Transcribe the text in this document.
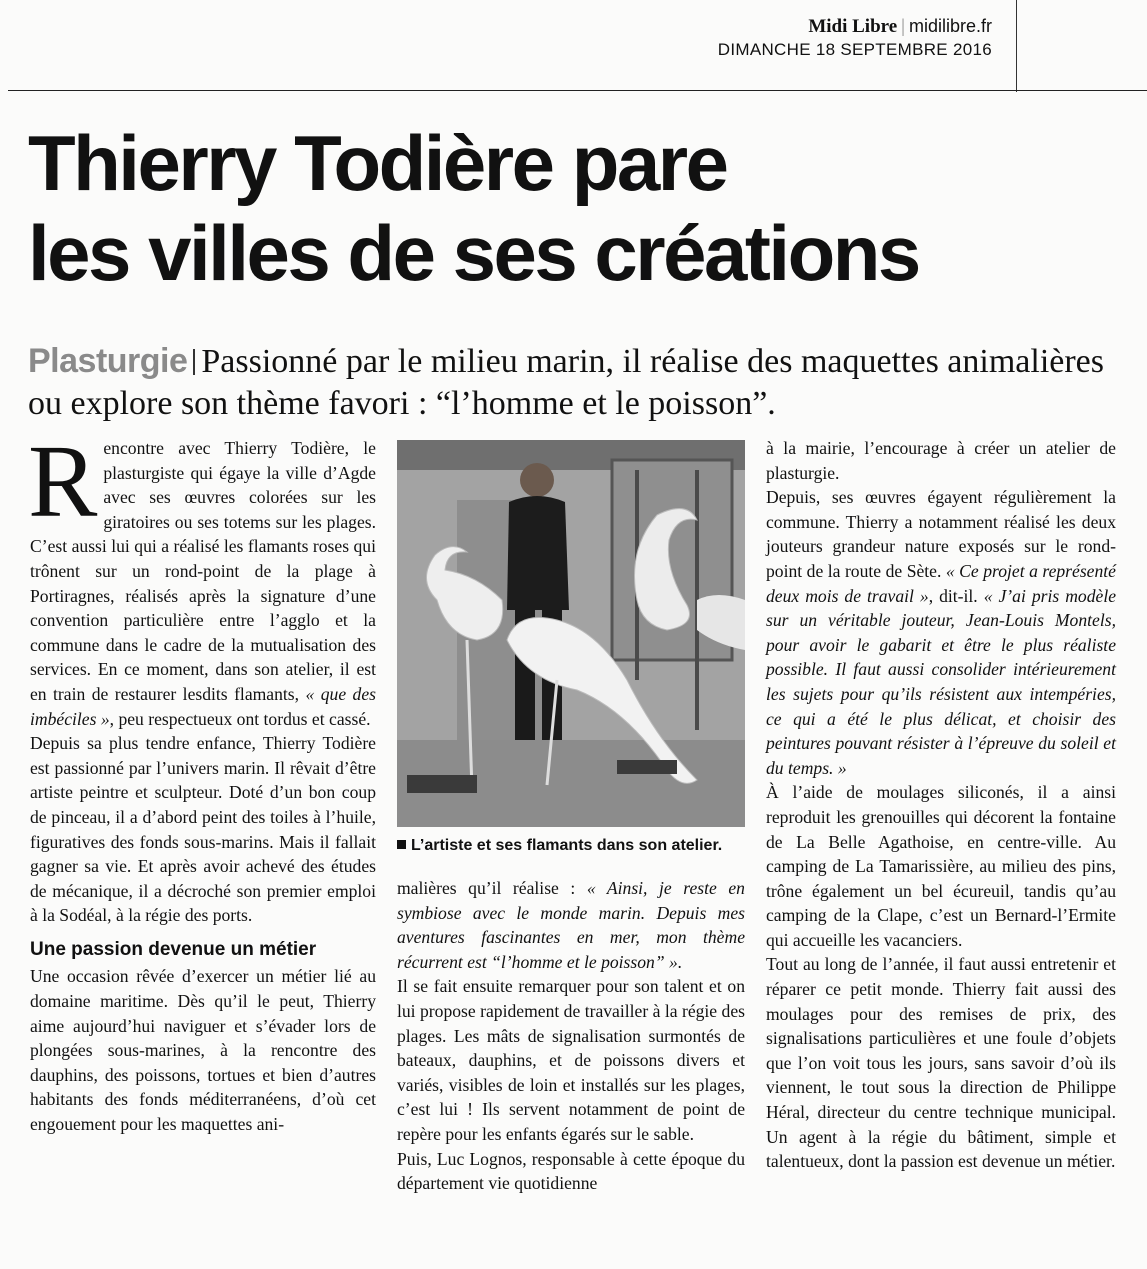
Midi Libre | midilibre.fr
DIMANCHE 18 SEPTEMBRE 2016
Thierry Todière pare
les villes de ses créations
Plasturgie Passionné par le milieu marin, il réalise des maquettes animalières ou explore son thème favori : “l’homme et le poisson”.

Rencontre avec Thierry Todière, le plasturgiste qui égaye la ville d’Agde avec ses œuvres colorées sur les giratoires ou ses totems sur les plages. C’est aussi lui qui a réalisé les flamants roses qui trônent sur un rond-point de la plage à Portiragnes, réalisés après la signature d’une convention particulière entre l’agglo et la commune dans le cadre de la mutualisation des services. En ce moment, dans son atelier, il est en train de restaurer lesdits flamants, « que des imbéciles », peu respectueux ont tordus et cassé.

Depuis sa plus tendre enfance, Thierry Todière est passionné par l’univers marin. Il rêvait d’être artiste peintre et sculpteur. Doté d’un bon coup de pinceau, il a d’abord peint des toiles à l’huile, figuratives des fonds sous-marins. Mais il fallait gagner sa vie. Et après avoir achevé des études de mécanique, il a décroché son premier emploi à la Sodéal, à la régie des ports.

Une passion devenue un métier

Une occasion rêvée d’exercer un métier lié au domaine maritime. Dès qu’il le peut, Thierry aime aujourd’hui naviguer et s’évader lors de plongées sous-marines, à la rencontre des dauphins, des poissons, tortues et bien d’autres habitants des fonds méditerranéens, d’où cet engouement pour les maquettes ani-

L’artiste et ses flamants dans son atelier.

malières qu’il réalise : « Ainsi, je reste en symbiose avec le monde marin. Depuis mes aventures fascinantes en mer, mon thème récurrent est “l’homme et le poisson” ».

Il se fait ensuite remarquer pour son talent et on lui propose rapidement de travailler à la régie des plages. Les mâts de signalisation surmontés de bateaux, dauphins, et de poissons divers et variés, visibles de loin et installés sur les plages, c’est lui ! Ils servent notamment de point de repère pour les enfants égarés sur le sable.

Puis, Luc Lognos, responsable à cette époque du département vie quotidienne

à la mairie, l’encourage à créer un atelier de plasturgie.

Depuis, ses œuvres égayent régulièrement la commune. Thierry a notamment réalisé les deux jouteurs grandeur nature exposés sur le rond-point de la route de Sète. « Ce projet a représenté deux mois de travail », dit-il. « J’ai pris modèle sur un véritable jouteur, Jean-Louis Montels, pour avoir le gabarit et être le plus réaliste possible. Il faut aussi consolider intérieurement les sujets pour qu’ils résistent aux intempéries, ce qui a été le plus délicat, et choisir des peintures pouvant résister à l’épreuve du soleil et du temps. »

À l’aide de moulages siliconés, il a ainsi reproduit les grenouilles qui décorent la fontaine de La Belle Agathoise, en centre-ville. Au camping de La Tamarissière, au milieu des pins, trône également un bel écureuil, tandis qu’au camping de la Clape, c’est un Bernard-l’Ermite qui accueille les vacanciers.

Tout au long de l’année, il faut aussi entretenir et réparer ce petit monde. Thierry fait aussi des moulages pour des remises de prix, des signalisations particulières et une foule d’objets que l’on voit tous les jours, sans savoir d’où ils viennent, le tout sous la direction de Philippe Héral, directeur du centre technique municipal. Un agent à la régie du bâtiment, simple et talentueux, dont la passion est devenue un métier.
